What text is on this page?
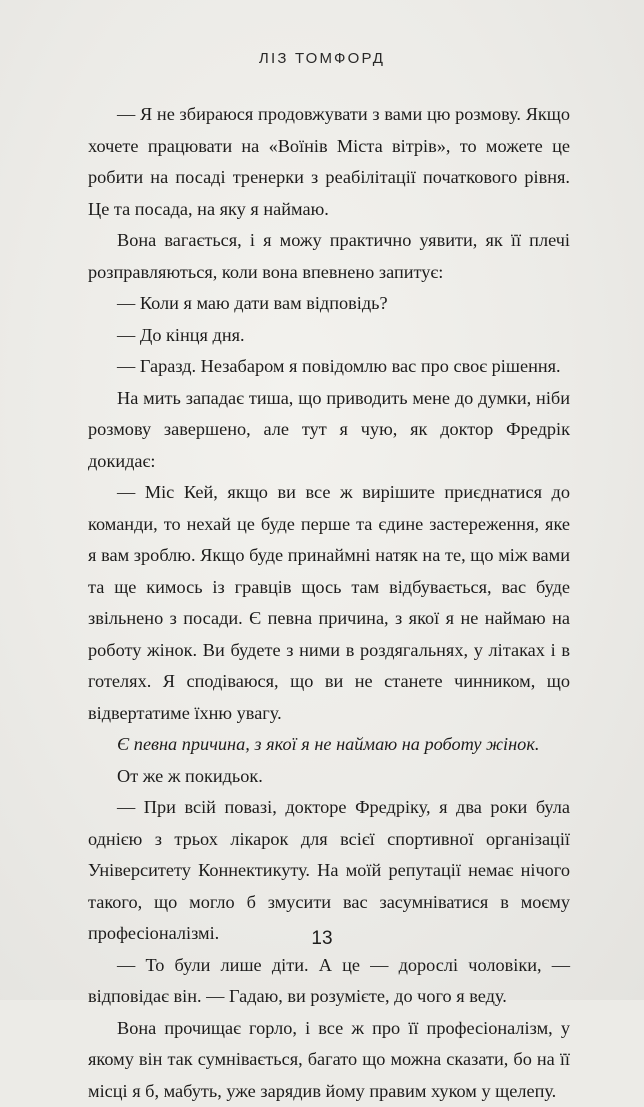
ЛІЗ ТОМФОРД

— Я не збираюся продовжувати з вами цю розмову. Якщо хочете працювати на «Воїнів Міста вітрів», то можете це робити на посаді тренерки з реабілітації початкового рівня. Це та посада, на яку я наймаю.

Вона вагається, і я можу практично уявити, як її плечі розправляються, коли вона впевнено запитує:

— Коли я маю дати вам відповідь?

— До кінця дня.

— Гаразд. Незабаром я повідомлю вас про своє рішення.

На мить западає тиша, що приводить мене до думки, ніби розмову завершено, але тут я чую, як доктор Фредрік докидає:

— Міс Кей, якщо ви все ж вирішите приєднатися до команди, то нехай це буде перше та єдине застереження, яке я вам зроблю. Якщо буде принаймні натяк на те, що між вами та ще кимось із гравців щось там відбувається, вас буде звільнено з посади. Є певна причина, з якої я не наймаю на роботу жінок. Ви будете з ними в роздягальнях, у літаках і в готелях. Я сподіваюся, що ви не станете чинником, що відвертатиме їхню увагу.

Є певна причина, з якої я не наймаю на роботу жінок.

От же ж покидьок.

— При всій повазі, докторе Фредріку, я два роки була однією з трьох лікарок для всієї спортивної організації Університету Коннектикуту. На моїй репутації немає нічого такого, що могло б змусити вас засумніватися в моєму професіоналізмі.

— То були лише діти. А це — дорослі чоловіки, — відповідає він. — Гадаю, ви розумієте, до чого я веду.

Вона прочищає горло, і все ж про її професіоналізм, у якому він так сумнівається, багато що можна сказати, бо на її місці я б, мабуть, уже зарядив йому правим хуком у щелепу.

13
